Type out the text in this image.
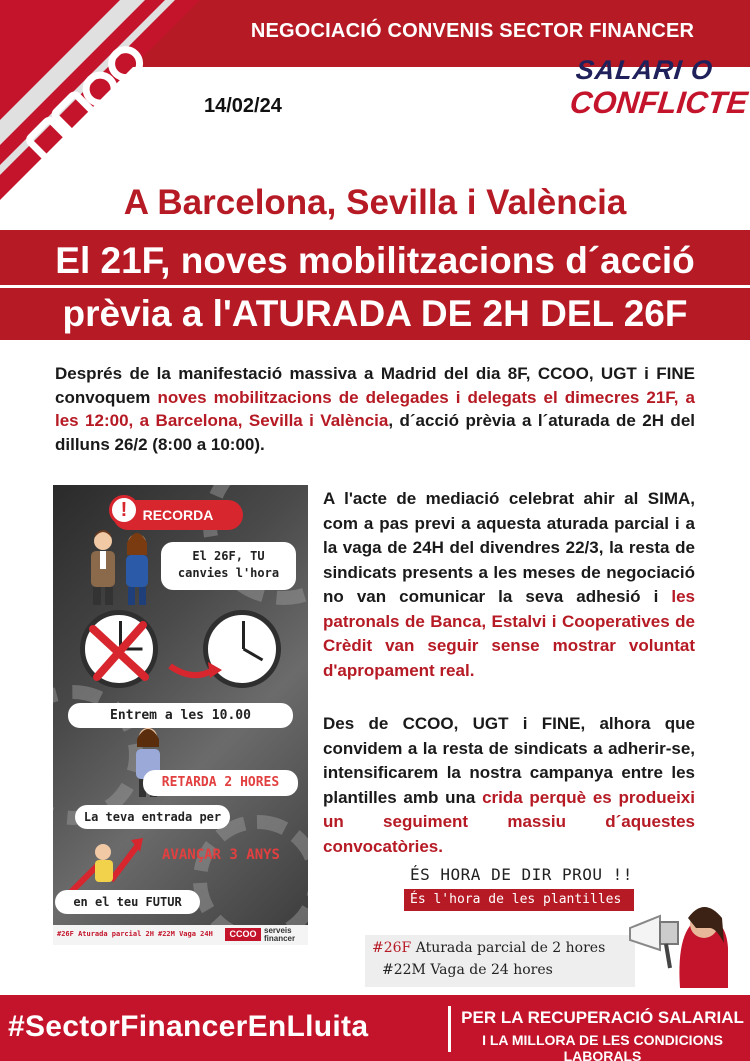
NEGOCIACIÓ CONVENIS SECTOR FINANCER
14/02/24
SALARI O
CONFLICTE
A Barcelona, Sevilla i València
El 21F, noves mobilitzacions d´acció
prèvia a l'ATURADA DE 2H DEL 26F

Després de la manifestació massiva a Madrid del dia 8F, CCOO, UGT i FINE convoquem noves mobilitzacions de delegades i delegats el dimecres 21F, a les 12:00, a Barcelona, Sevilla i València, d´acció prèvia a l´aturada de 2H del dilluns 26/2 (8:00 a 10:00).

RECORDA
!
El 26F, TU
canvies l'hora
Entrem a les 10.00
RETARDA 2 HORES
La teva entrada per
AVANÇAR 3 ANYS
en el teu FUTUR
#26F Aturada parcial 2H #22M Vaga 24H	CCOO serveis
financer

A l'acte de mediació celebrat ahir al SIMA, com a pas previ a aquesta aturada parcial i a la vaga de 24H del divendres 22/3, la resta de sindicats presents a les meses de negociació no van comunicar la seva adhesió i les patronals de Banca, Estalvi i Cooperatives de Crèdit van seguir sense mostrar voluntat d'apropament real.

Des de CCOO, UGT i FINE, alhora que convidem a la resta de sindicats a adherir-se, intensificarem la nostra campanya entre les plantilles amb una crida perquè es produeixi un seguiment massiu d´aquestes convocatòries.

ÉS HORA DE DIR PROU !!
És l'hora de les plantilles
#26F Aturada parcial de 2 hores
#22M Vaga de 24 hores
#SectorFinancerEnLluita	PER LA RECUPERACIÓ SALARIAL
I LA MILLORA DE LES CONDICIONS LABORALS
